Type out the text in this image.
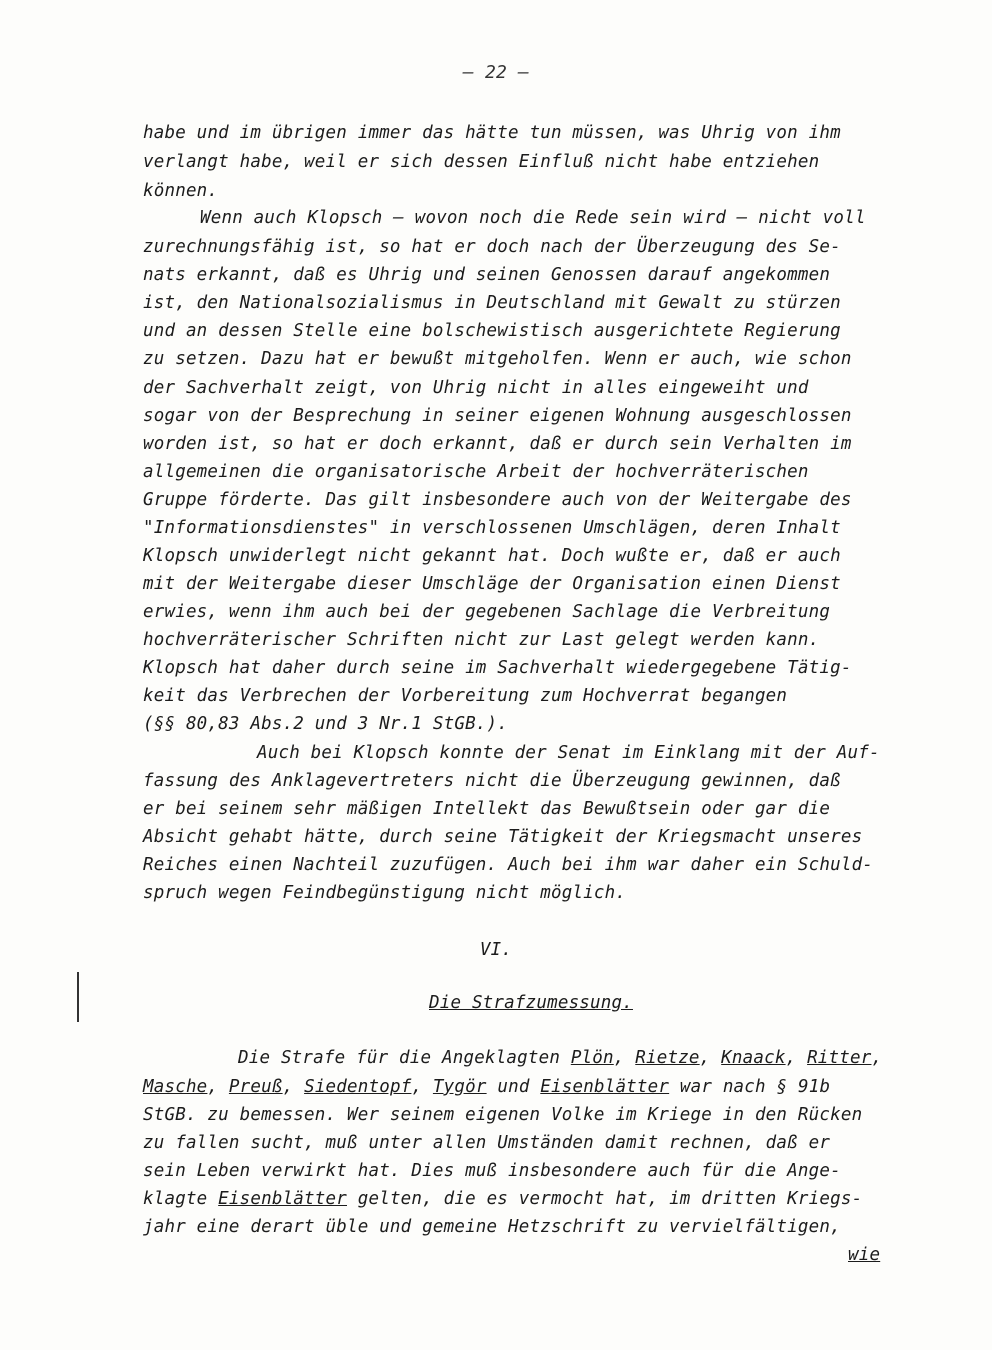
– 22 –
habe und im übrigen immer das hätte tun müssen, was Uhrig von ihm
verlangt habe, weil er sich dessen Einfluß nicht habe entziehen
können.
Wenn auch Klopsch – wovon noch die Rede sein wird – nicht voll
zurechnungsfähig ist, so hat er doch nach der Überzeugung des Se-
nats erkannt, daß es Uhrig und seinen Genossen darauf angekommen
ist, den Nationalsozialismus in Deutschland mit Gewalt zu stürzen
und an dessen Stelle eine bolschewistisch ausgerichtete Regierung
zu setzen. Dazu hat er bewußt mitgeholfen. Wenn er auch, wie schon
der Sachverhalt zeigt, von Uhrig nicht in alles eingeweiht und
sogar von der Besprechung in seiner eigenen Wohnung ausgeschlossen
worden ist, so hat er doch erkannt, daß er durch sein Verhalten im
allgemeinen die organisatorische Arbeit der hochverräterischen
Gruppe förderte. Das gilt insbesondere auch von der Weitergabe des
"Informationsdienstes" in verschlossenen Umschlägen, deren Inhalt
Klopsch unwiderlegt nicht gekannt hat. Doch wußte er, daß er auch
mit der Weitergabe dieser Umschläge der Organisation einen Dienst
erwies, wenn ihm auch bei der gegebenen Sachlage die Verbreitung
hochverräterischer Schriften nicht zur Last gelegt werden kann.
Klopsch hat daher durch seine im Sachverhalt wiedergegebene Tätig-
keit das Verbrechen der Vorbereitung zum Hochverrat begangen
(§§ 80,83 Abs.2 und 3 Nr.1 StGB.).
Auch bei Klopsch konnte der Senat im Einklang mit der Auf-
fassung des Anklagevertreters nicht die Überzeugung gewinnen, daß
er bei seinem sehr mäßigen Intellekt das Bewußtsein oder gar die
Absicht gehabt hätte, durch seine Tätigkeit der Kriegsmacht unseres
Reiches einen Nachteil zuzufügen. Auch bei ihm war daher ein Schuld-
spruch wegen Feindbegünstigung nicht möglich.
VI.
Die Strafzumessung.
Die Strafe für die Angeklagten Plön, Rietze, Knaack, Ritter,
Masche, Preuß, Siedentopf, Tygör und Eisenblätter war nach § 91b
StGB. zu bemessen. Wer seinem eigenen Volke im Kriege in den Rücken
zu fallen sucht, muß unter allen Umständen damit rechnen, daß er
sein Leben verwirkt hat. Dies muß insbesondere auch für die Ange-
klagte Eisenblätter gelten, die es vermocht hat, im dritten Kriegs-
jahr eine derart üble und gemeine Hetzschrift zu vervielfältigen,
wie
